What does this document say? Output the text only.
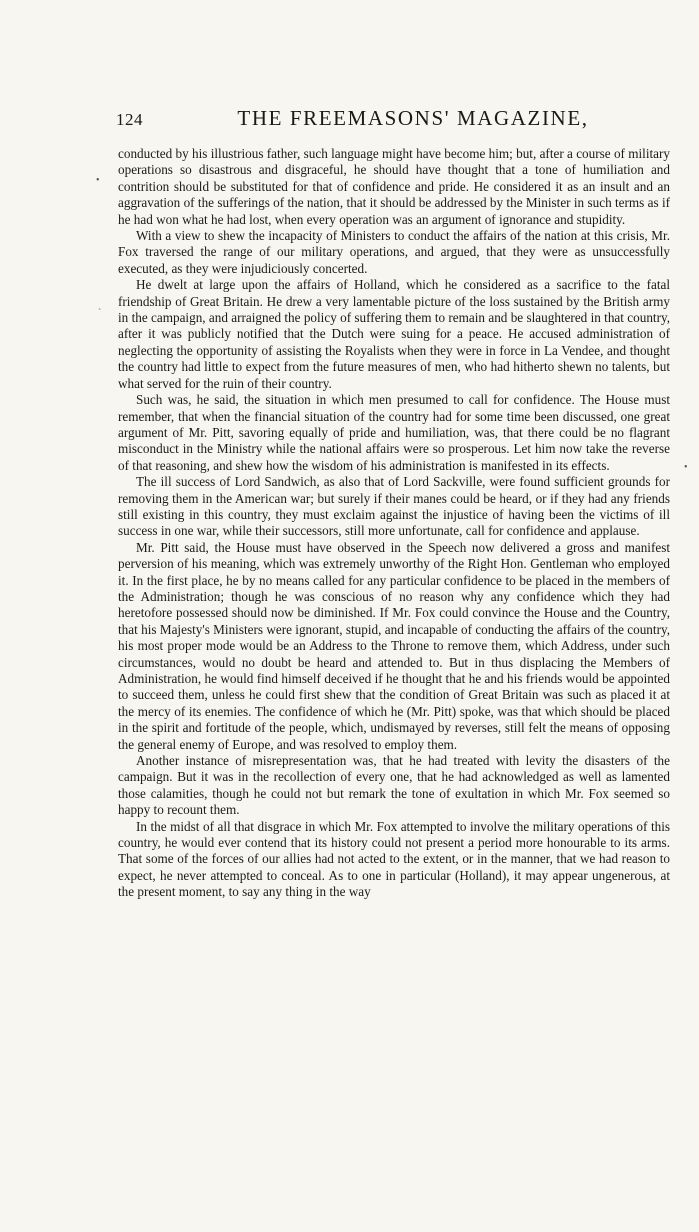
124	THE FREEMASONS' MAGAZINE,

conducted by his illustrious father, such language might have become him; but, after a course of military operations so disastrous and disgraceful, he should have thought that a tone of humiliation and contrition should be substituted for that of confidence and pride. He considered it as an insult and an aggravation of the sufferings of the nation, that it should be addressed by the Minister in such terms as if he had won what he had lost, when every operation was an argument of ignorance and stupidity.

With a view to shew the incapacity of Ministers to conduct the affairs of the nation at this crisis, Mr. Fox traversed the range of our military operations, and argued, that they were as unsuccessfully executed, as they were injudiciously concerted.

He dwelt at large upon the affairs of Holland, which he considered as a sacrifice to the fatal friendship of Great Britain. He drew a very lamentable picture of the loss sustained by the British army in the campaign, and arraigned the policy of suffering them to remain and be slaughtered in that country, after it was publicly notified that the Dutch were suing for a peace. He accused administration of neglecting the opportunity of assisting the Royalists when they were in force in La Vendee, and thought the country had little to expect from the future measures of men, who had hitherto shewn no talents, but what served for the ruin of their country.

Such was, he said, the situation in which men presumed to call for confidence. The House must remember, that when the financial situation of the country had for some time been discussed, one great argument of Mr. Pitt, savoring equally of pride and humiliation, was, that there could be no flagrant misconduct in the Ministry while the national affairs were so prosperous. Let him now take the reverse of that reasoning, and shew how the wisdom of his administration is manifested in its effects.

The ill success of Lord Sandwich, as also that of Lord Sackville, were found sufficient grounds for removing them in the American war; but surely if their manes could be heard, or if they had any friends still existing in this country, they must exclaim against the injustice of having been the victims of ill success in one war, while their successors, still more unfortunate, call for confidence and applause.

Mr. Pitt said, the House must have observed in the Speech now delivered a gross and manifest perversion of his meaning, which was extremely unworthy of the Right Hon. Gentleman who employed it. In the first place, he by no means called for any particular confidence to be placed in the members of the Administration; though he was conscious of no reason why any confidence which they had heretofore possessed should now be diminished. If Mr. Fox could convince the House and the Country, that his Majesty's Ministers were ignorant, stupid, and incapable of conducting the affairs of the country, his most proper mode would be an Address to the Throne to remove them, which Address, under such circumstances, would no doubt be heard and attended to. But in thus displacing the Members of Administration, he would find himself deceived if he thought that he and his friends would be appointed to succeed them, unless he could first shew that the condition of Great Britain was such as placed it at the mercy of its enemies. The confidence of which he (Mr. Pitt) spoke, was that which should be placed in the spirit and fortitude of the people, which, undismayed by reverses, still felt the means of opposing the general enemy of Europe, and was resolved to employ them.

Another instance of misrepresentation was, that he had treated with levity the disasters of the campaign. But it was in the recollection of every one, that he had acknowledged as well as lamented those calamities, though he could not but remark the tone of exultation in which Mr. Fox seemed so happy to recount them.

In the midst of all that disgrace in which Mr. Fox attempted to involve the military operations of this country, he would ever contend that its history could not present a period more honourable to its arms. That some of the forces of our allies had not acted to the extent, or in the manner, that we had reason to expect, he never attempted to conceal. As to one in particular (Holland), it may appear ungenerous, at the present moment, to say any thing in the way

•
`
•
